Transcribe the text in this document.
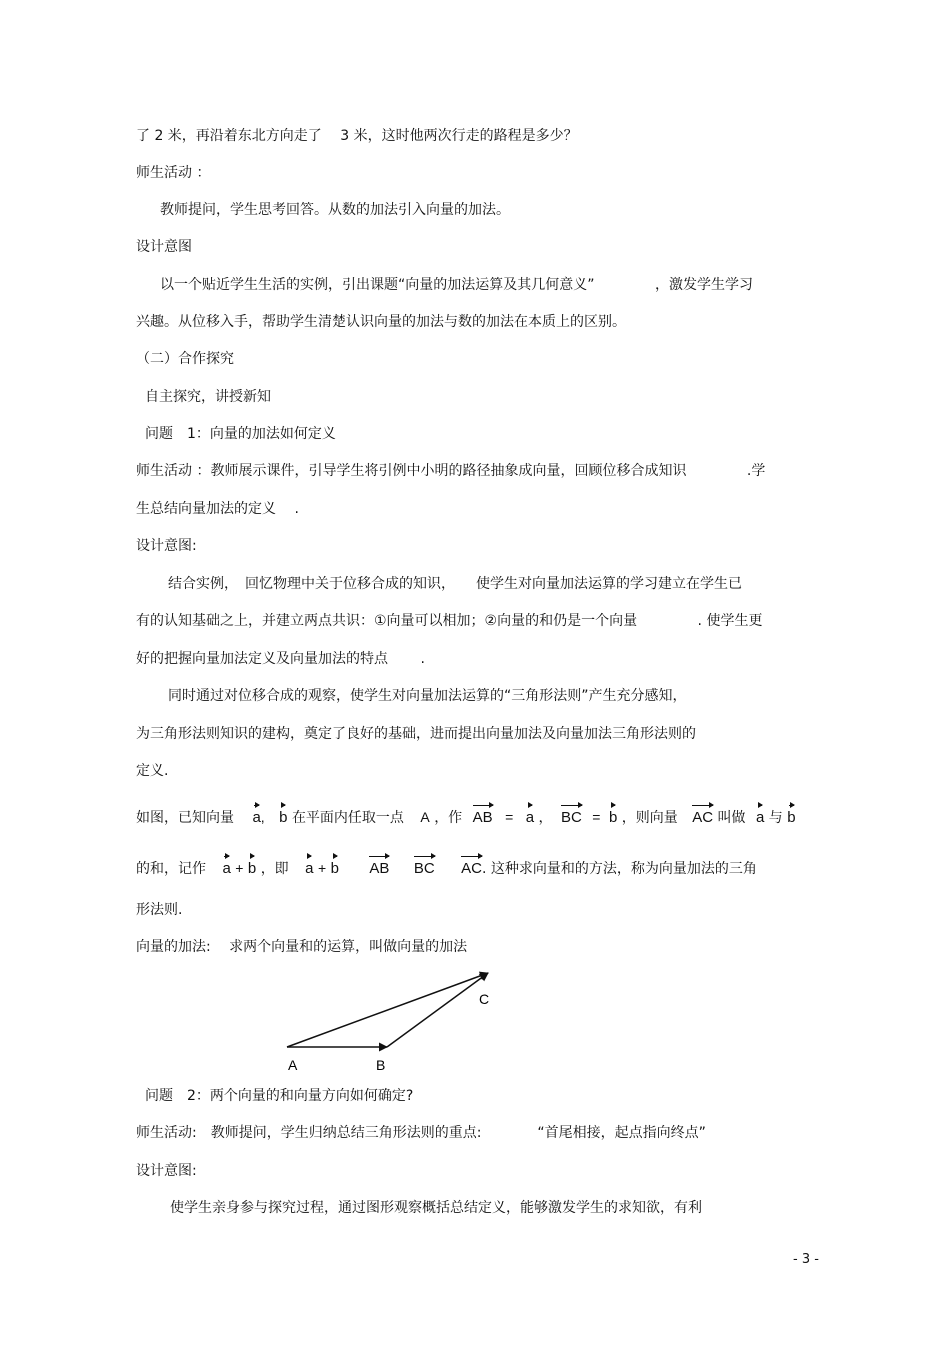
了 2 米，再沿着东北方向走了　 3 米，这时他两次行走的路程是多少？
师生活动 ：
教师提问，学生思考回答。从数的加法引入向量的加法。
设计意图
以一个贴近学生生活的实例，引出课题“向量的加法运算及其几何意义”　　　　 ，激发学生学习
兴趣。从位移入手，帮助学生清楚认识向量的加法与数的加法在本质上的区别。
（二）合作探究
自主探究，讲授新知
问题　1：向量的加法如何定义
师生活动 ：教师展示课件，引导学生将引例中小明的路径抽象成向量，回顾位移合成知识　　　　 .学
生总结向量加法的定义　 .
设计意图:
结合实例，　回忆物理中关于位移合成的知识，　　使学生对向量加法运算的学习建立在学生已
有的认知基础之上，并建立两点共识：①向量可以相加；②向量的和仍是一个向量　　　　 . 使学生更
好的把握向量加法定义及向量加法的特点　　 .
同时通过对位移合成的观察，使学生对向量加法运算的“三角形法则”产生充分感知，
为三角形法则知识的建构，奠定了良好的基础，进而提出向量加法及向量加法三角形法则的
定义.
如图，已知向量 a, b 在平面内任取一点 A ，作 AB = a ， BC = b ，则向量 AC 叫做 a 与 b
的和，记作 a + b ，即 a + b AB BC AC. 这种求向量和的方法，称为向量加法的三角
形法则.
向量的加法:　 求两个向量和的运算，叫做向量的加法
A	B
C
问题　2：两个向量的和向量方向如何确定?
师生活动:　教师提问，学生归纳总结三角形法则的重点:　　　　“首尾相接，起点指向终点”
设计意图:
使学生亲身参与探究过程，通过图形观察概括总结定义，能够激发学生的求知欲，有利
- 3 -
